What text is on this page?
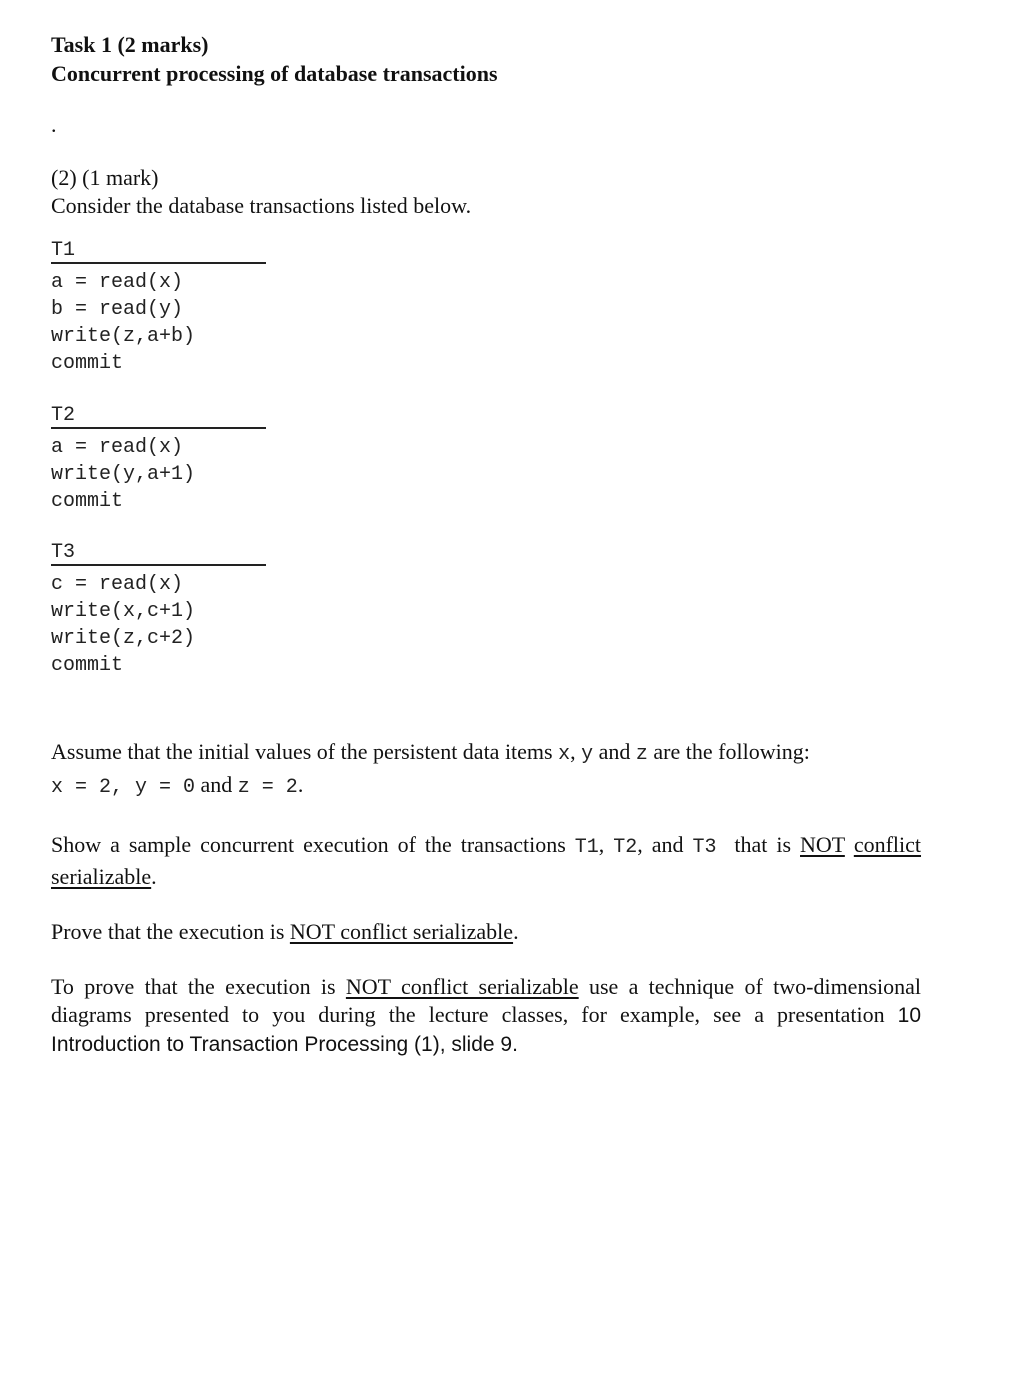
Task 1 (2 marks)
Concurrent processing of database transactions
.
(2) (1 mark)
Consider the database transactions listed below.
T1
a = read(x)
b = read(y)
write(z,a+b)
commit
T2
a = read(x)
write(y,a+1)
commit
T3
c = read(x)
write(x,c+1)
write(z,c+2)
commit
Assume that the initial values of the persistent data items x, y and z are the following:
x = 2, y = 0 and z = 2.
Show a sample concurrent execution of the transactions T1, T2, and T3  that is NOT conflict serializable.
Prove that the execution is NOT conflict serializable.
To prove that the execution is NOT conflict serializable use a technique of two-dimensional diagrams presented to you during the lecture classes, for example, see a presentation 10 Introduction to Transaction Processing (1), slide 9.
